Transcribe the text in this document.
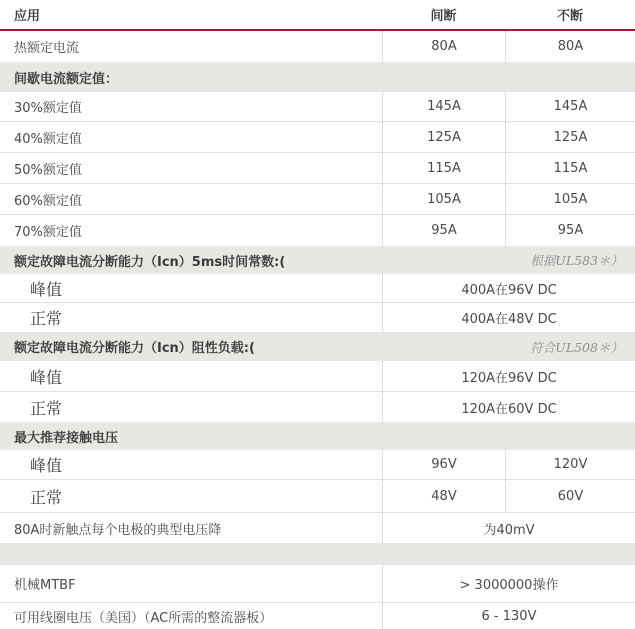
应用	间断	不断
热额定电流	80A	80A
间歇电流额定值：
30%额定值	145A	145A
40%额定值	125A	125A
50%额定值	115A	115A
60%额定值	105A	105A
70%额定值	95A	95A
额定故障电流分断能力（Icn）5ms时间常数:(	根据UL583＊）
峰值	400A在96V DC
正常	400A在48V DC
额定故障电流分断能力（Icn）阻性负载:(	符合UL508＊）
峰值	120A在96V DC
正常	120A在60V DC
最大推荐接触电压
峰值	96V	120V
正常	48V	60V
80A时新触点每个电极的典型电压降	为40mV
机械MTBF	> 3000000操作
可用线圈电压（美国）（AC所需的整流器板）	6 - 130V
